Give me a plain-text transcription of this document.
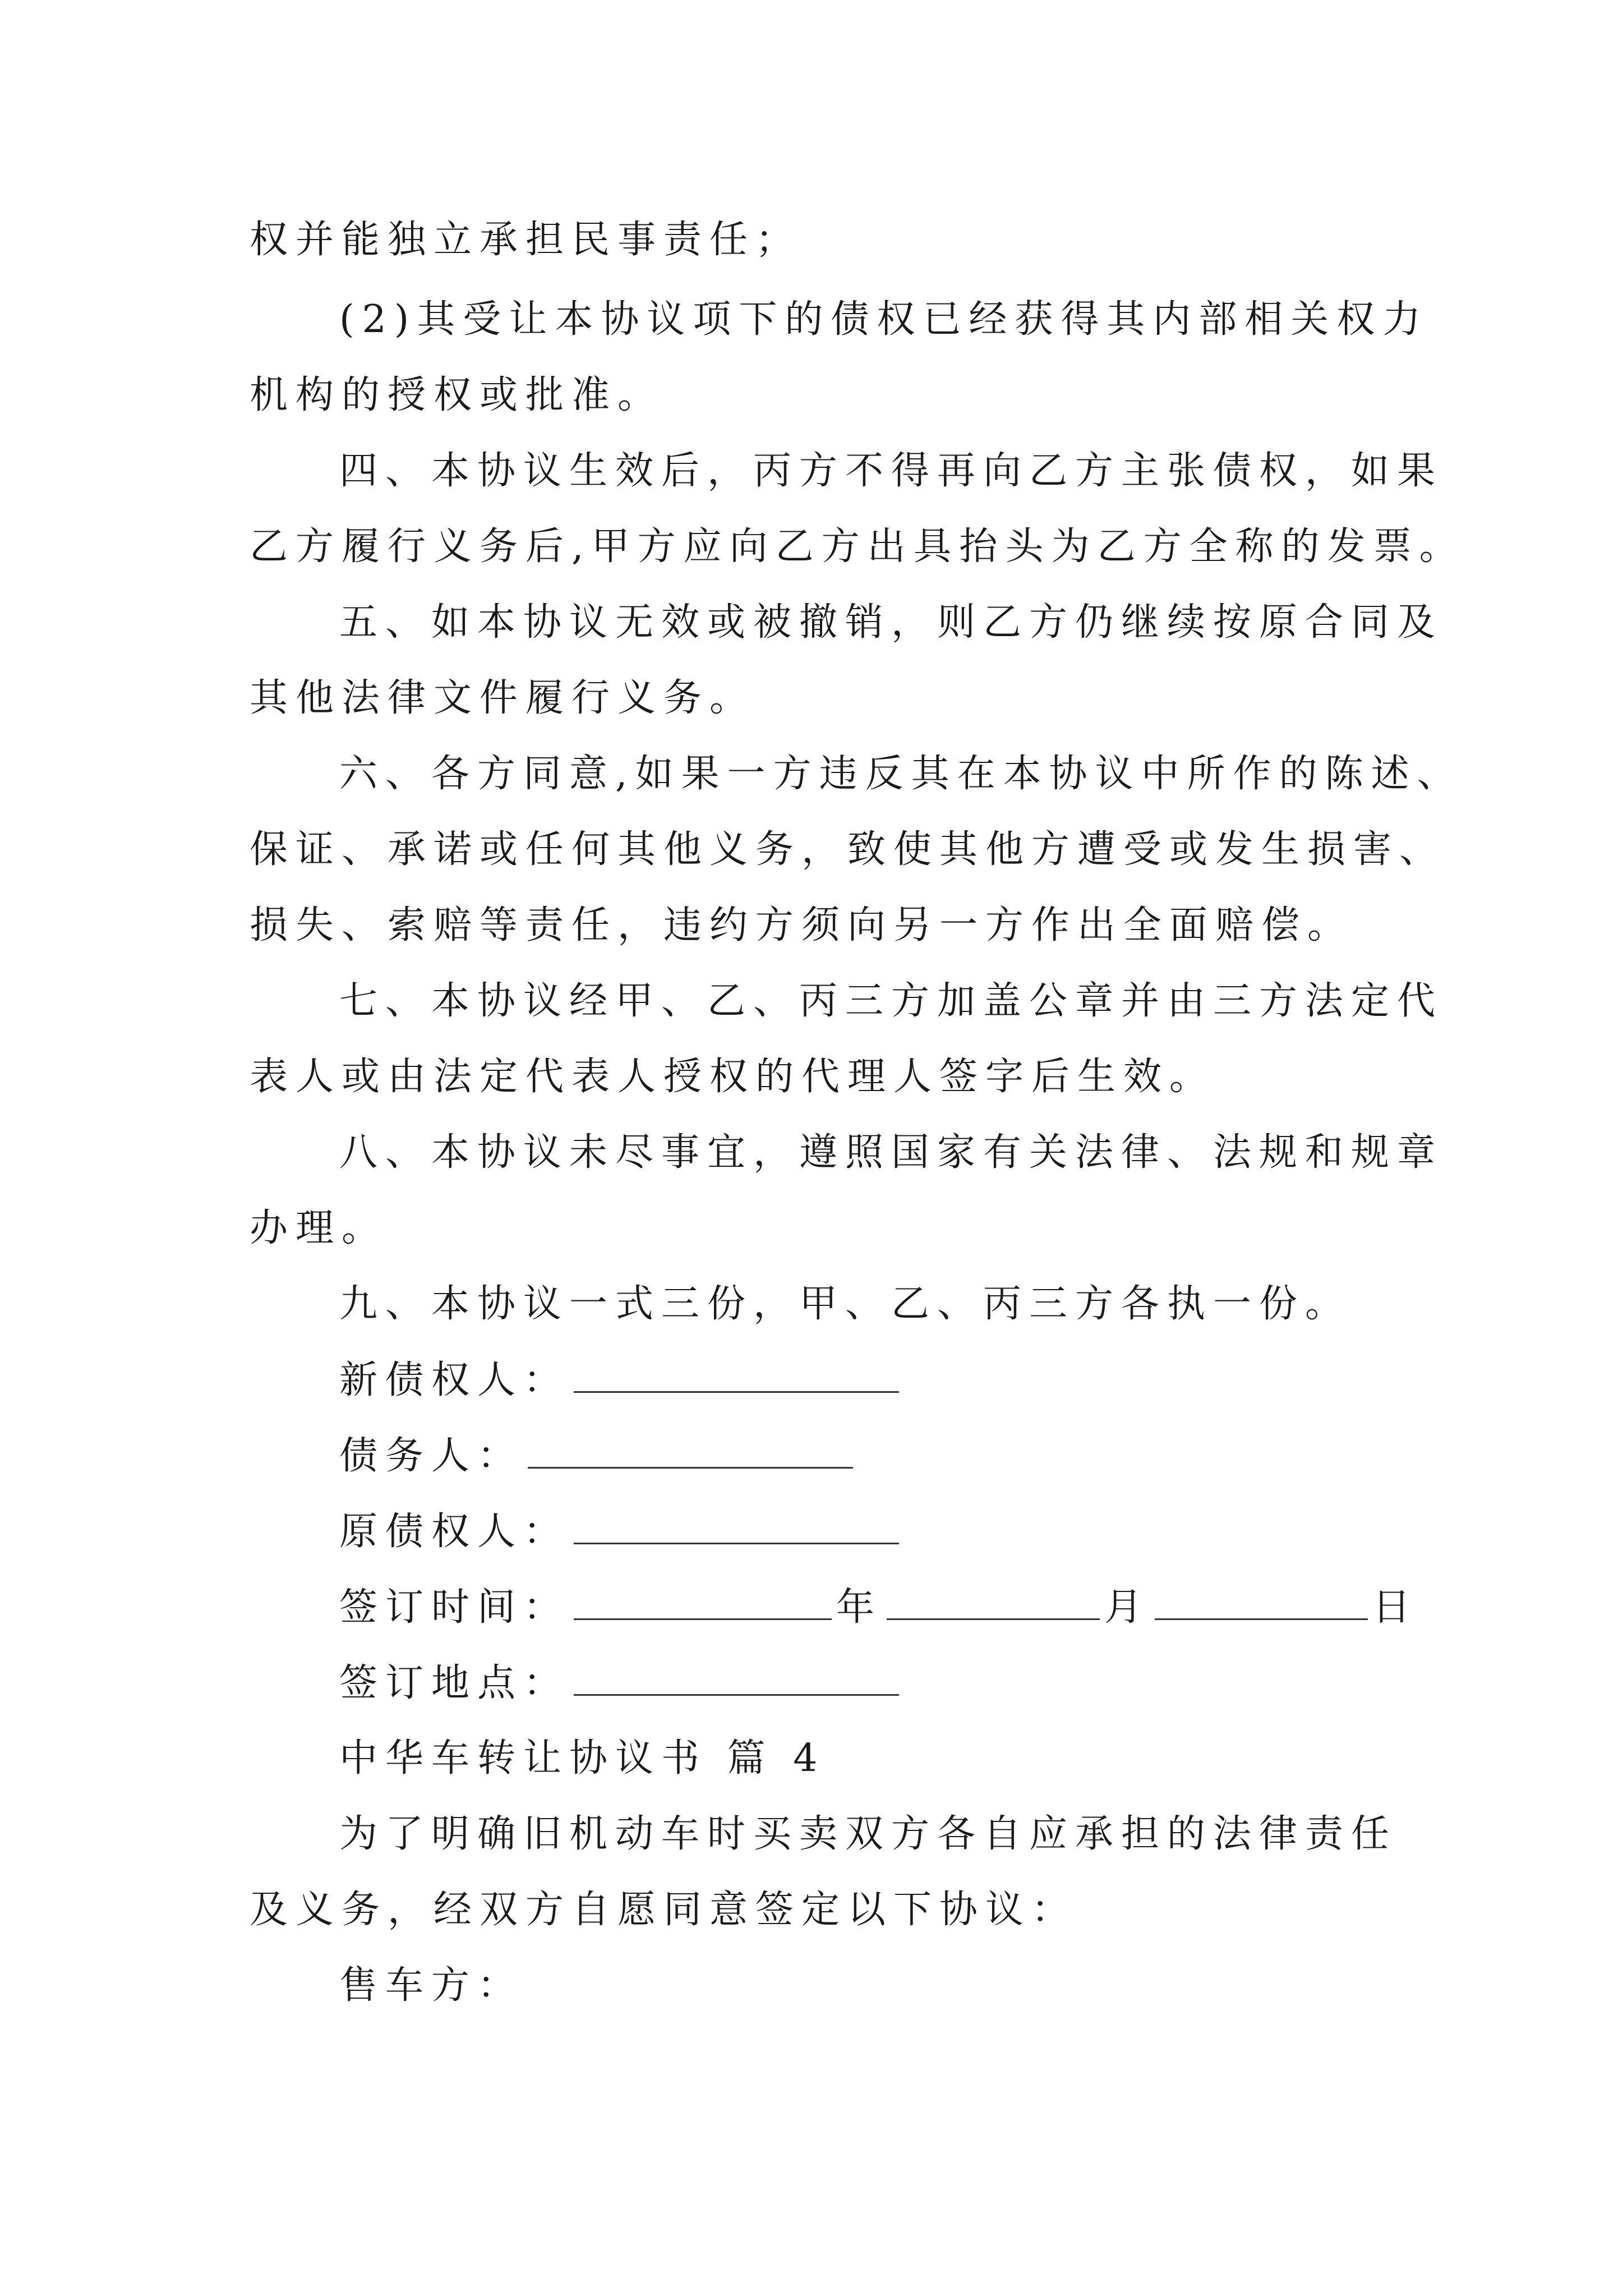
权并能独立承担民事责任；
(2)其受让本协议项下的债权已经获得其内部相关权力
机构的授权或批准。
四、本协议生效后，丙方不得再向乙方主张债权，如果
乙方履行义务后,甲方应向乙方出具抬头为乙方全称的发票。
五、如本协议无效或被撤销，则乙方仍继续按原合同及
其他法律文件履行义务。
六、各方同意,如果一方违反其在本协议中所作的陈述、
保证、承诺或任何其他义务，致使其他方遭受或发生损害、
损失、索赔等责任，违约方须向另一方作出全面赔偿。
七、本协议经甲、乙、丙三方加盖公章并由三方法定代
表人或由法定代表人授权的代理人签字后生效。
八、本协议未尽事宜，遵照国家有关法律、法规和规章
办理。
九、本协议一式三份，甲、乙、丙三方各执一份。
新债权人：
债务人：
原债权人：
签订时间：	年	月	日
签订地点：
中华车转让协议书 篇 4
为了明确旧机动车时买卖双方各自应承担的法律责任
及义务，经双方自愿同意签定以下协议：
售车方：
